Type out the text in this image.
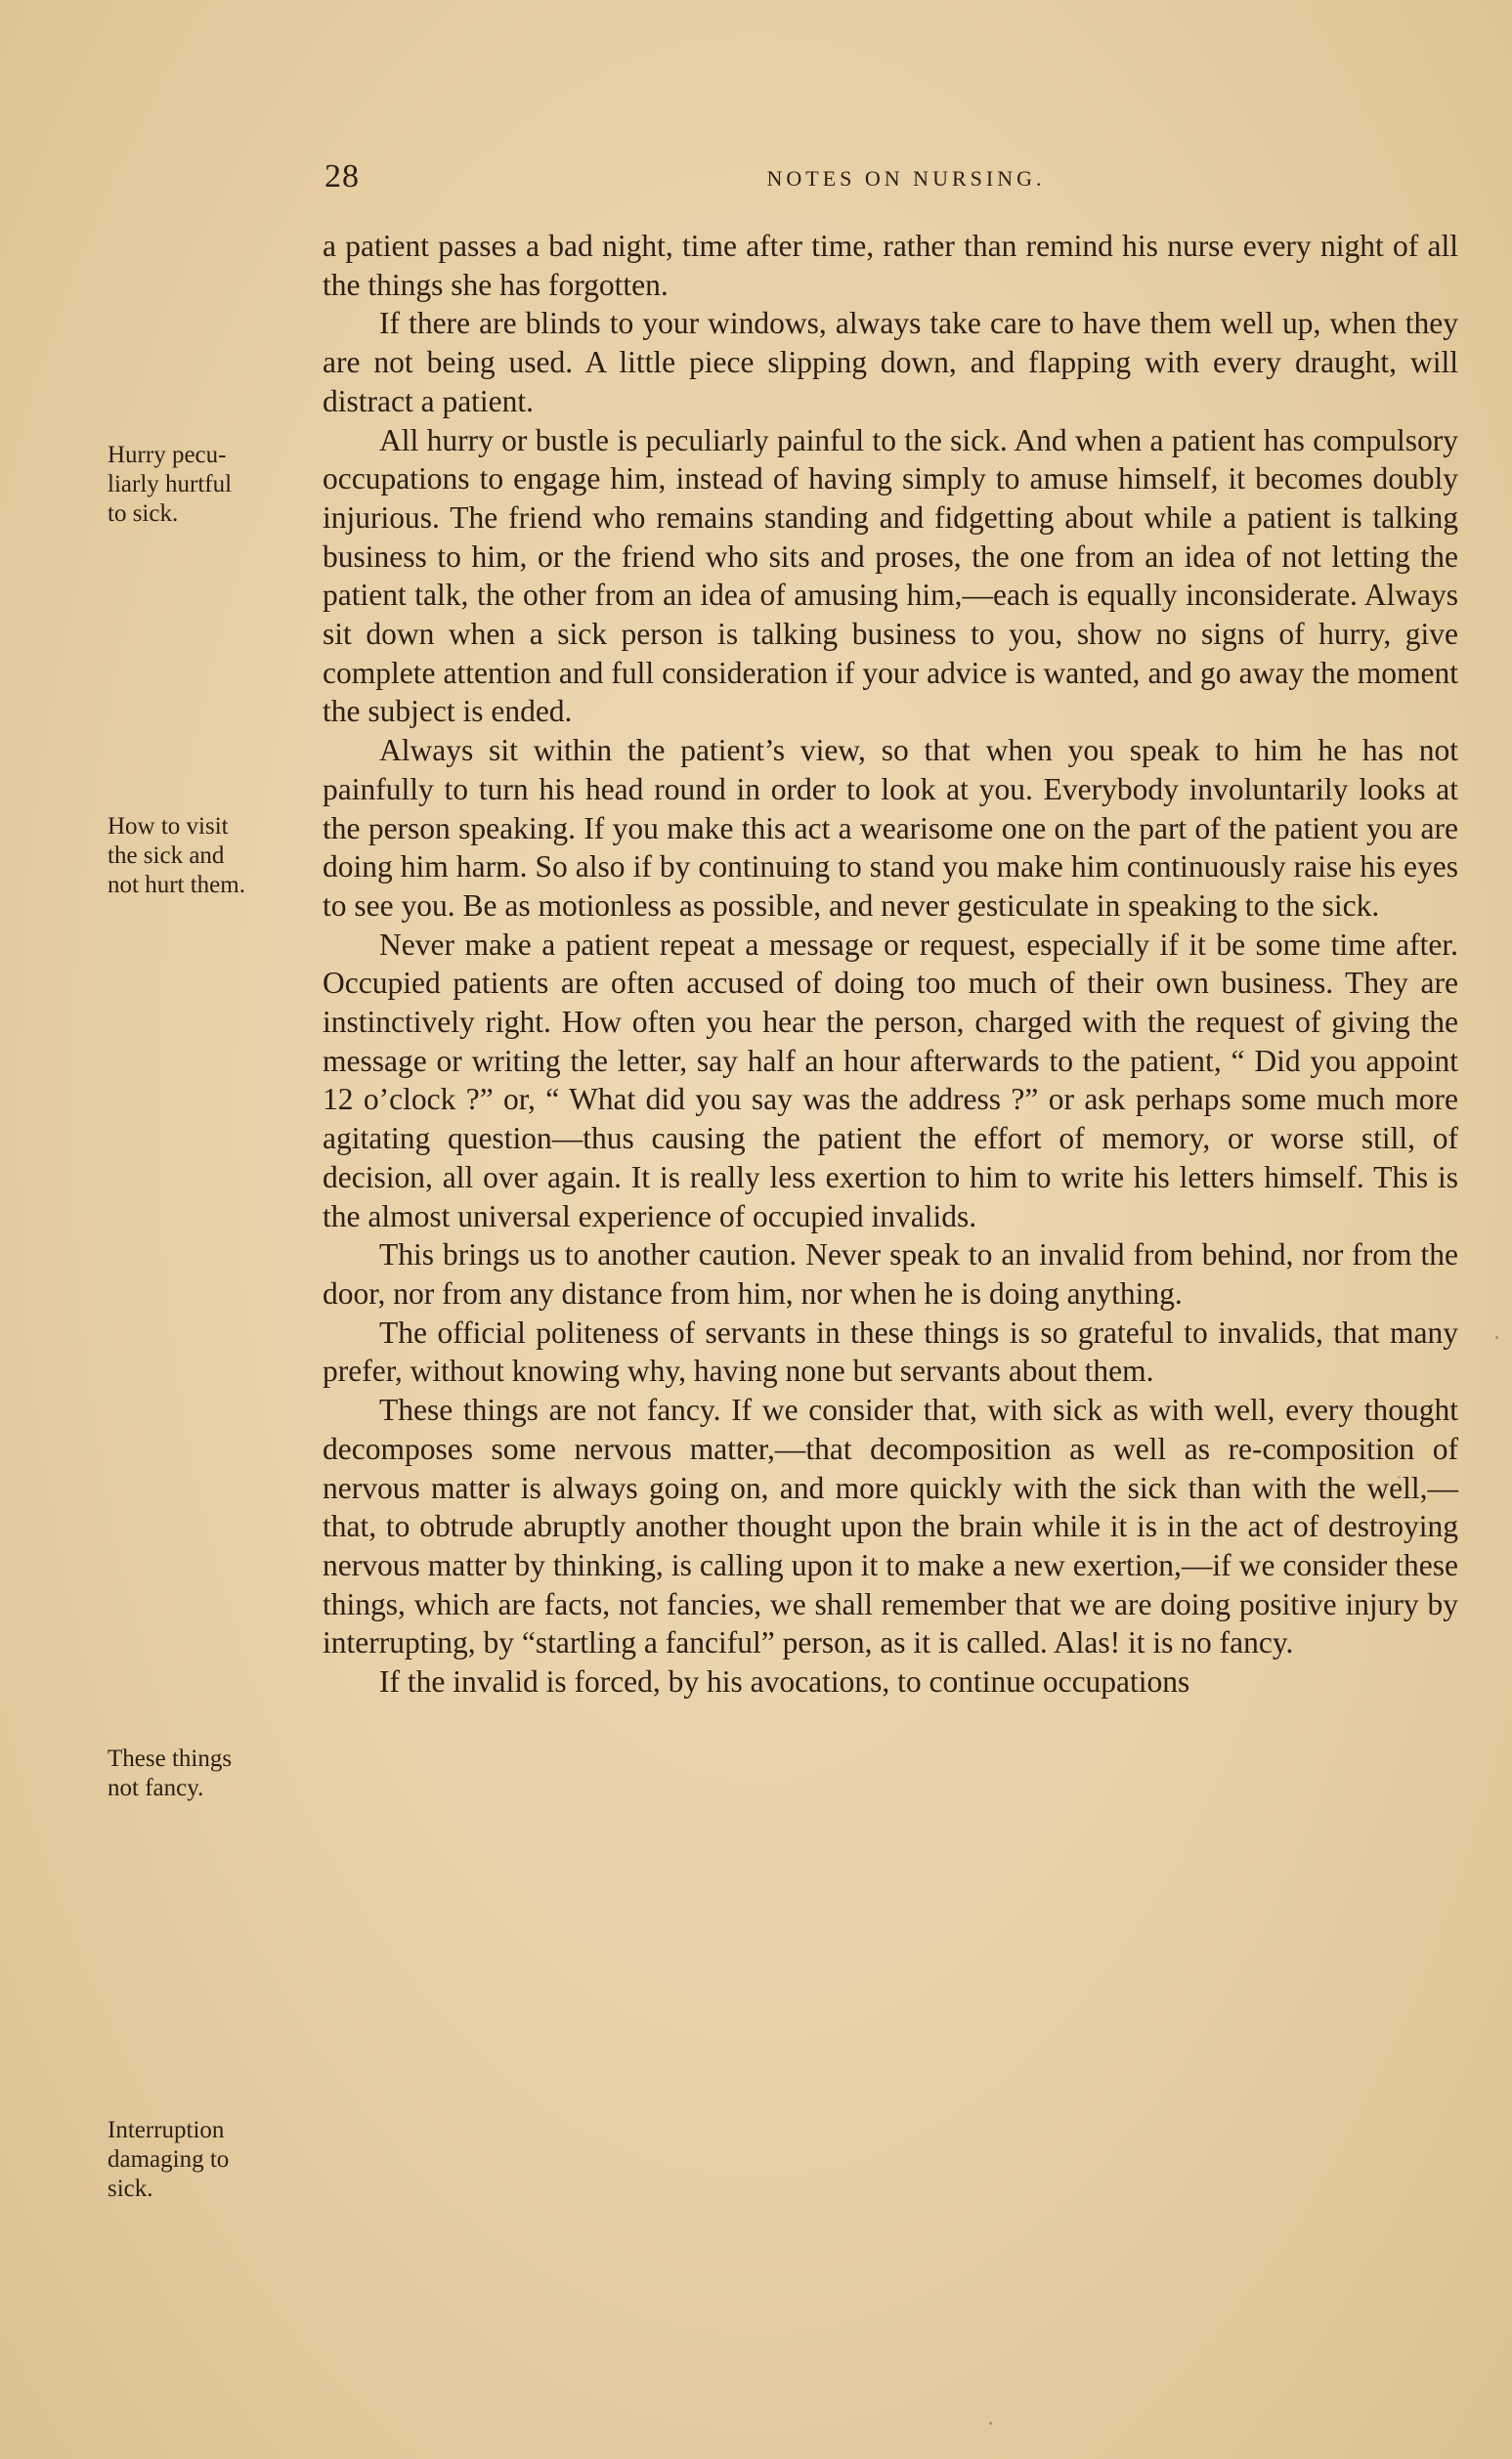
28	NOTES ON NURSING.
Hurry pecu-
liarly hurtful
to sick.
How to visit
the sick and
not hurt them.
These things
not fancy.
Interruption
damaging to
sick.

a patient passes a bad night, time after time, rather than remind his nurse every night of all the things she has forgotten.

If there are blinds to your windows, always take care to have them well up, when they are not being used. A little piece slipping down, and flapping with every draught, will distract a patient.

All hurry or bustle is peculiarly painful to the sick. And when a patient has compulsory occupations to engage him, instead of having simply to amuse himself, it becomes doubly injurious. The friend who remains standing and fidgetting about while a patient is talking business to him, or the friend who sits and proses, the one from an idea of not letting the patient talk, the other from an idea of amusing him,—each is equally inconsiderate. Always sit down when a sick person is talking business to you, show no signs of hurry, give complete attention and full consideration if your advice is wanted, and go away the moment the subject is ended.

Always sit within the patient’s view, so that when you speak to him he has not painfully to turn his head round in order to look at you. Everybody involuntarily looks at the person speaking. If you make this act a wearisome one on the part of the patient you are doing him harm. So also if by continuing to stand you make him continuously raise his eyes to see you. Be as motionless as possible, and never gesticulate in speaking to the sick.

Never make a patient repeat a message or request, especially if it be some time after. Occupied patients are often accused of doing too much of their own business. They are instinctively right. How often you hear the person, charged with the request of giving the message or writing the letter, say half an hour afterwards to the patient, “ Did you appoint 12 o’clock ?” or, “ What did you say was the address ?” or ask perhaps some much more agitating question—thus causing the patient the effort of memory, or worse still, of decision, all over again. It is really less exertion to him to write his letters himself. This is the almost universal experience of occupied invalids.

This brings us to another caution. Never speak to an invalid from behind, nor from the door, nor from any distance from him, nor when he is doing anything.

The official politeness of servants in these things is so grateful to invalids, that many prefer, without knowing why, having none but servants about them.

These things are not fancy. If we consider that, with sick as with well, every thought decomposes some nervous matter,—that decomposition as well as re-composition of nervous matter is always going on, and more quickly with the sick than with the well,—that, to obtrude abruptly another thought upon the brain while it is in the act of destroying nervous matter by thinking, is calling upon it to make a new exertion,—if we consider these things, which are facts, not fancies, we shall remember that we are doing positive injury by interrupting, by “startling a fanciful” person, as it is called. Alas! it is no fancy.

If the invalid is forced, by his avocations, to continue occupations
